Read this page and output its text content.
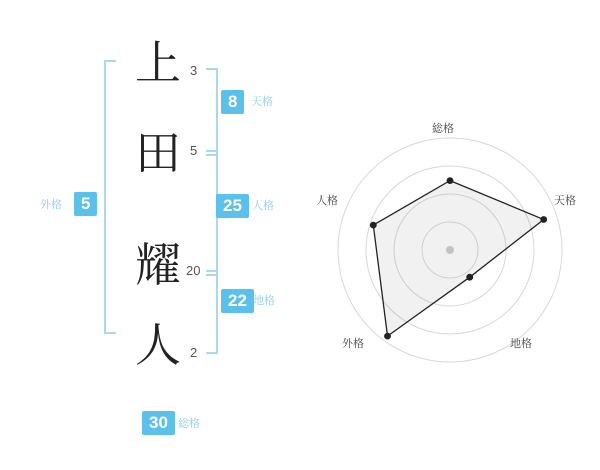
上
田
耀
人
3
5
20
2
8	天格
25 人格
22 地格
外格	5
30 総格
総格
天格
地格
外格
人格
